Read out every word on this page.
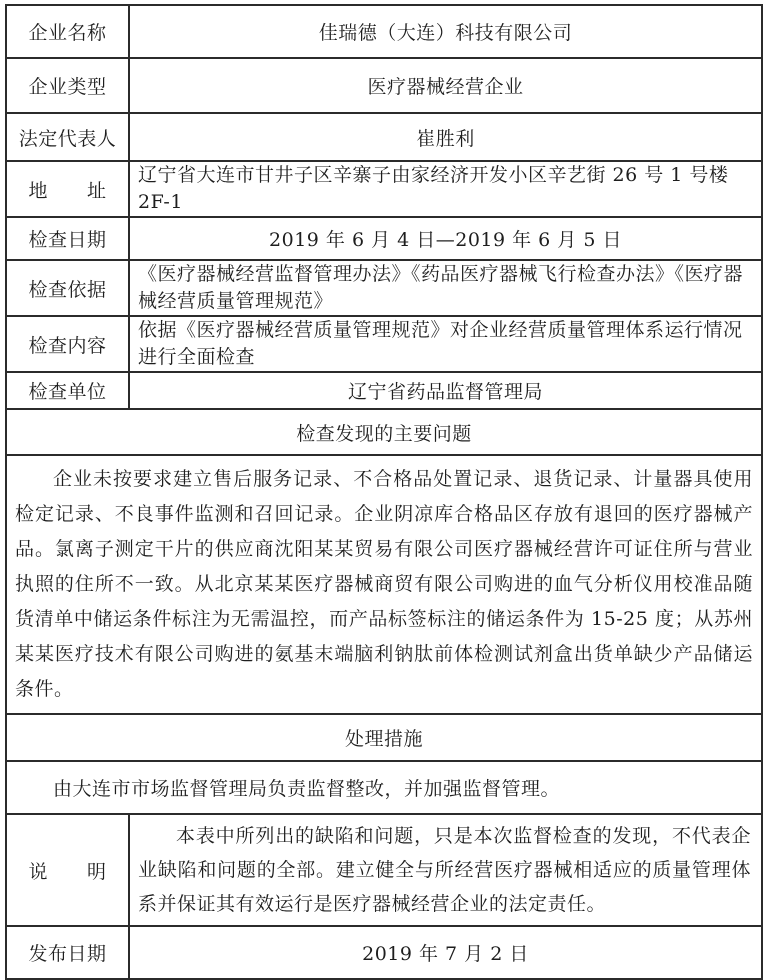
企业名称	佳瑞德（大连）科技有限公司
企业类型	医疗器械经营企业
法定代表人	崔胜利
地　　址	辽宁省大连市甘井子区辛寨子由家经济开发小区辛艺街 26 号 1 号楼 2F-1
检查日期	2019 年 6 月 4 日—2019 年 6 月 5 日
检查依据	《医疗器械经营监督管理办法》《药品医疗器械飞行检查办法》《医疗器械经营质量管理规范》
检查内容	依据《医疗器械经营质量管理规范》对企业经营质量管理体系运行情况进行全面检查
检查单位	辽宁省药品监督管理局
检查发现的主要问题	
企业未按要求建立售后服务记录、不合格品处置记录、退货记录、计量器具使用检定记录、不良事件监测和召回记录。企业阴凉库合格品区存放有退回的医疗器械产品。氯离子测定干片的供应商沈阳某某贸易有限公司医疗器械经营许可证住所与营业执照的住所不一致。从北京某某医疗器械商贸有限公司购进的血气分析仪用校准品随货清单中储运条件标注为无需温控，而产品标签标注的储运条件为 15-25 度；从苏州某某医疗技术有限公司购进的氨基末端脑利钠肽前体检测试剂盒出货单缺少产品储运条件。	
处理措施	
由大连市市场监督管理局负责监督整改，并加强监督管理。	
说　　明	本表中所列出的缺陷和问题，只是本次监督检查的发现，不代表企业缺陷和问题的全部。建立健全与所经营医疗器械相适应的质量管理体系并保证其有效运行是医疗器械经营企业的法定责任。
发布日期	2019 年 7 月 2 日
